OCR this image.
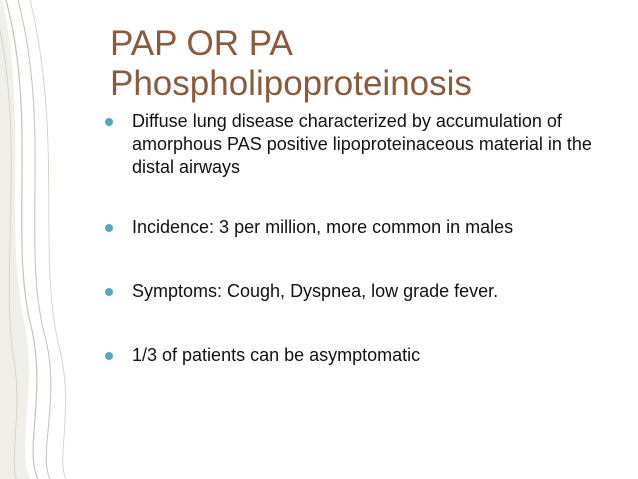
PAP OR PA
Phospholipoproteinosis
Diffuse lung disease characterized by accumulation of amorphous PAS positive lipoproteinaceous material in the distal airways
Incidence: 3 per million, more common in males
Symptoms: Cough, Dyspnea, low grade fever.
1/3 of patients can be asymptomatic
